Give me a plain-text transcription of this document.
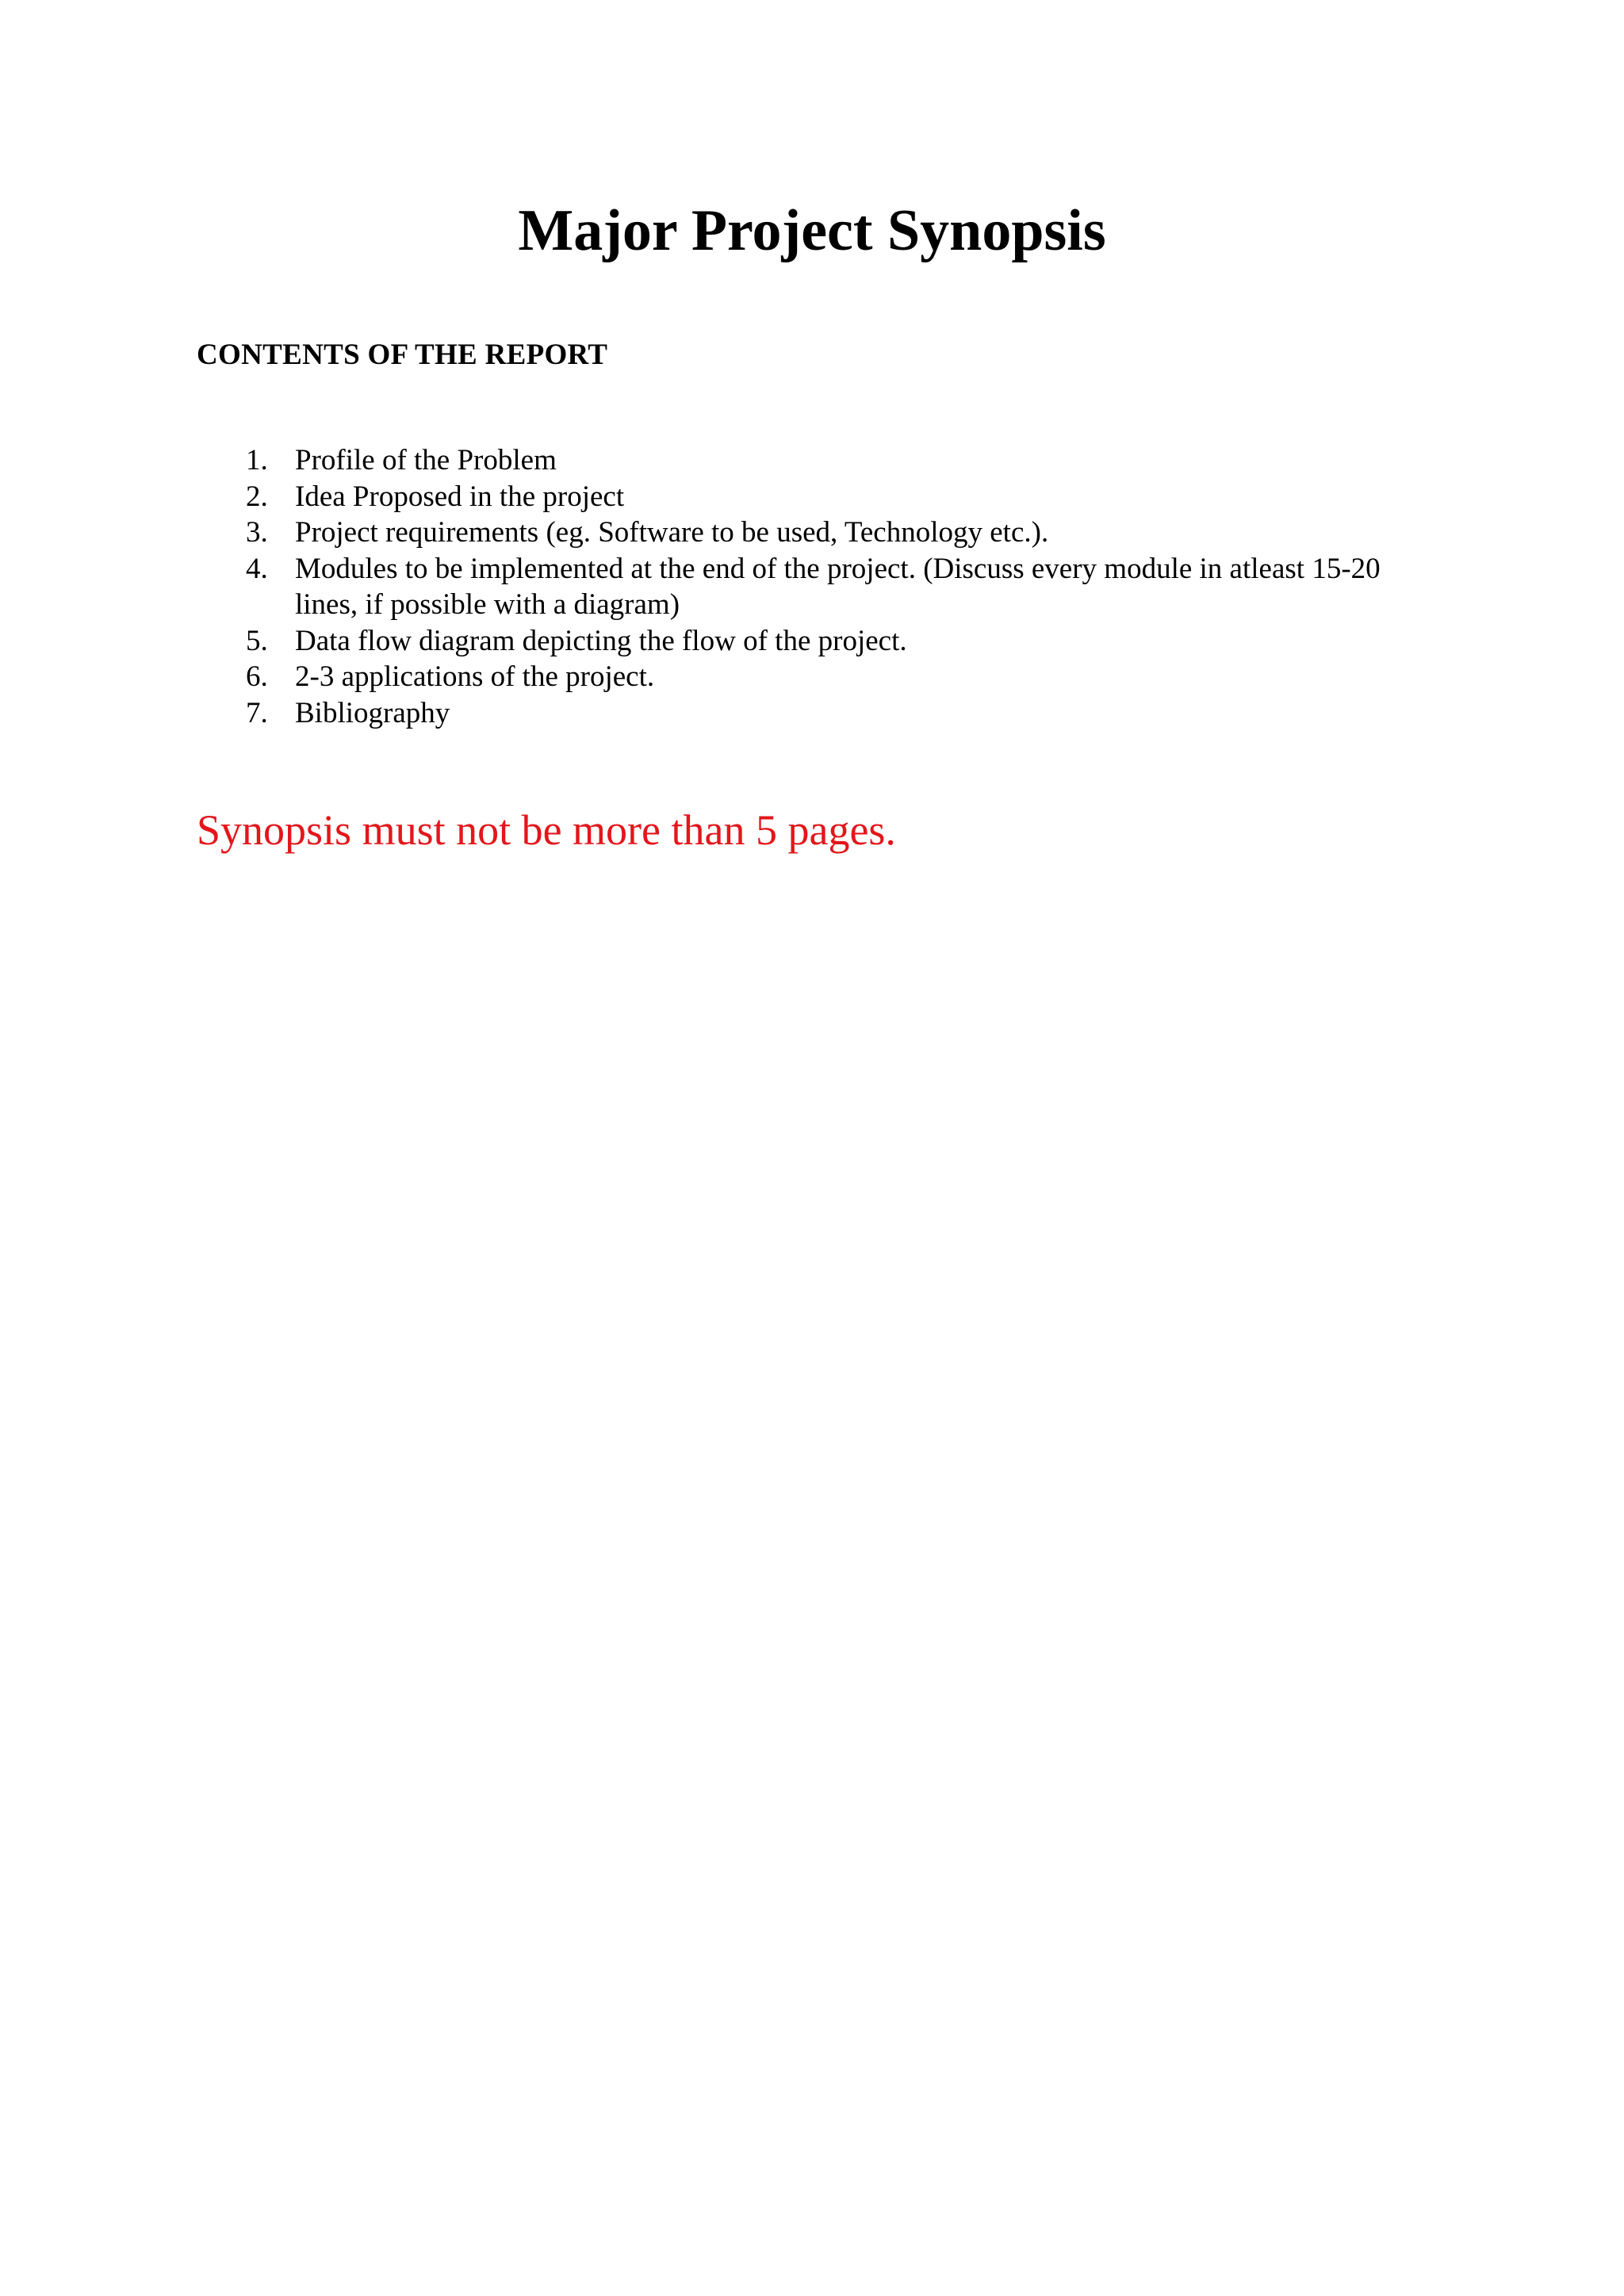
Major Project Synopsis
CONTENTS OF THE REPORT
1. Profile of the Problem
2. Idea Proposed in the project
3. Project requirements (eg. Software to be used, Technology etc.).
4. Modules to be implemented at the end of the project. (Discuss every module in atleast 15-20 lines, if possible with a diagram)
5. Data flow diagram depicting the flow of the project.
6. 2-3 applications of the project.
7. Bibliography

Synopsis must not be more than 5 pages.
